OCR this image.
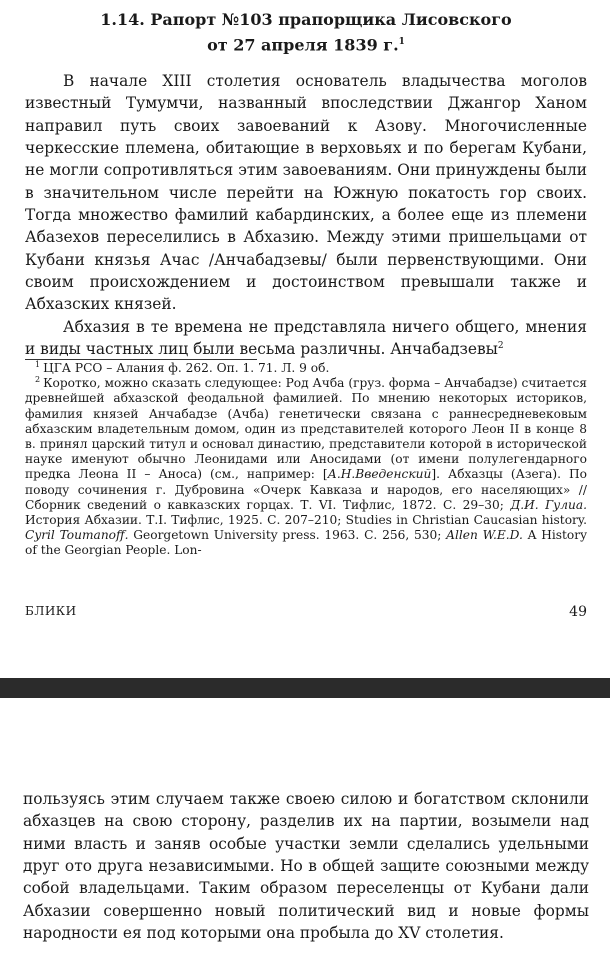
1.14. Рапорт №103 прапорщика Лисовского
от 27 апреля 1839 г.$^1$

В начале XIII столетия основатель владычества моголов известный Тумумчи, названный впоследствии Джангор Ханом направил путь своих завоеваний к Азову. Многочисленные черкесские племена, обитающие в верховьях и по берегам Кубани, не могли сопротивляться этим завоеваниям. Они принуждены были в значительном числе перейти на Южную покатость гор своих. Тогда множество фамилий кабардинских, а более еще из племени Абазехов переселились в Абхазию. Между этими пришельцами от Кубани князья Ачас /Анчабадзевы/ были первенствующими. Они своим происхождением и достоинством превышали также и Абхазских князей.

Абхазия в те времена не представляла ничего общего, мнения и виды частных лиц были весьма различны. Анчабадзевы$^2$

$^1$ ЦГА РСО – Алания ф. 262. Оп. 1. 71. Л. 9 об.

$^2$ Коротко, можно сказать следующее: Род Ачба (груз. форма – Анчабадзе) считается древнейшей абхазской феодальной фамилией. По мнению некоторых историков, фамилия князей Анчабадзе (Ачба) генетически связана с раннесредневековым абхазским владетельным домом, один из представителей которого Леон II в конце 8 в. принял царский титул и основал династию, представители которой в исторической науке именуют обычно Леонидами или Аносидами (от имени полулегендарного предка Леона II – Аноса) (см., например: [А.Н.Введенский]. Абхазцы (Азега). По поводу сочинения г. Дубровина «Очерк Кавказа и народов, его населяющих» // Сборник сведений о кавказских горцах. Т. VI. Тифлис, 1872. С. 29–30; Д.И. Гулиа. История Абхазии. Т.I. Тифлис, 1925. С. 207–210; Studies in Christian Caucasian history. Cyril Toumanoff. Georgetown University press. 1963. С. 256, 530; Allen W.E.D. A History of the Georgian People. Lon-

БЛИКИ	49

пользуясь этим случаем также своею силою и богатством склонили абхазцев на свою сторону, разделив их на партии, возымели над ними власть и заняв особые участки земли сделались удельными друг ото друга независимыми. Но в общей защите союзными между собой владельцами. Таким образом переселенцы от Кубани дали Абхазии совершенно новый политический вид и новые формы народности ея под которыми она пробыла до XV столетия.
